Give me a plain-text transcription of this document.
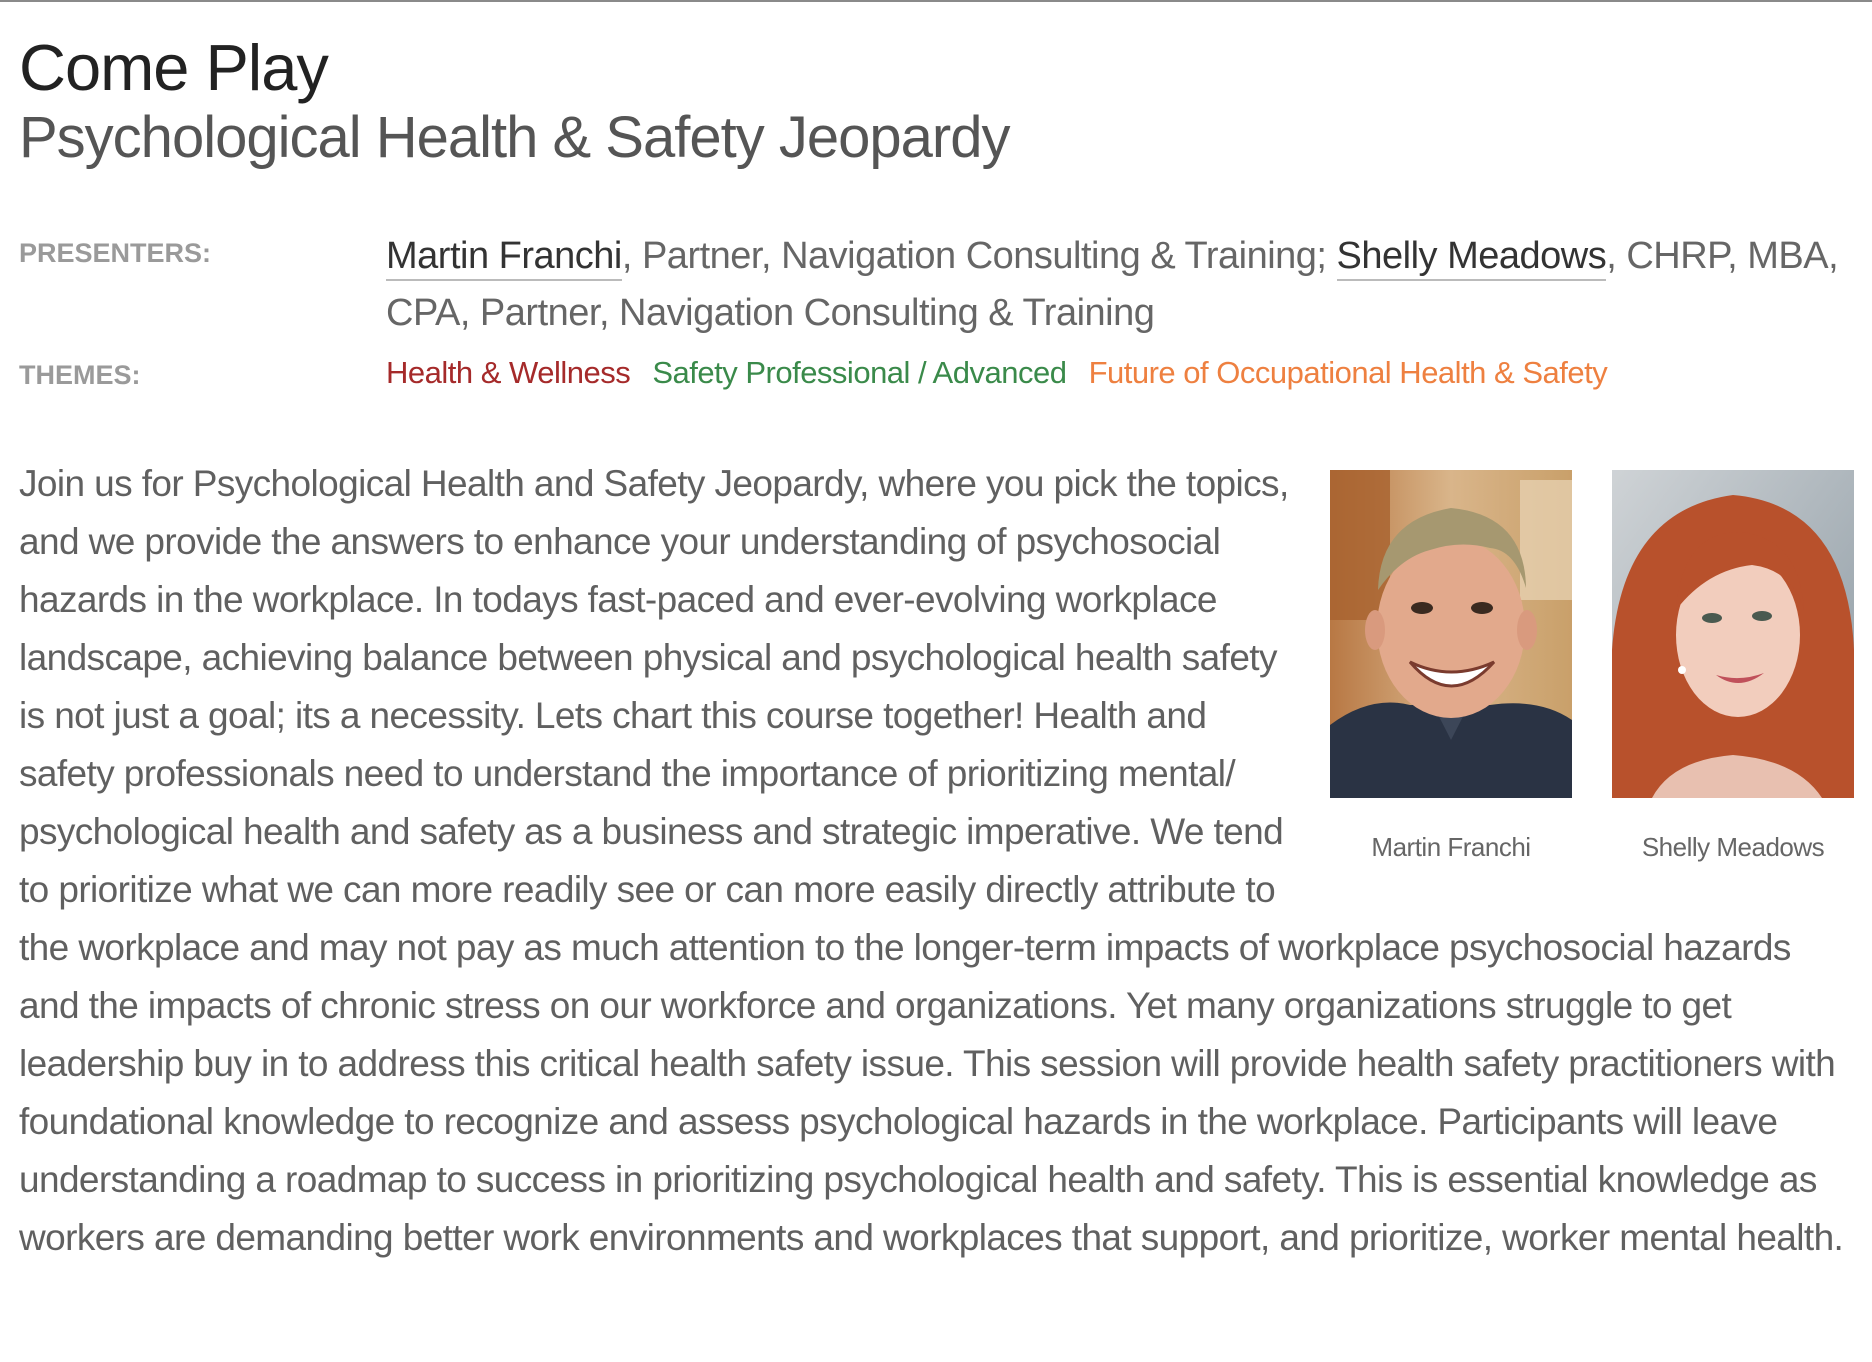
Come Play
Psychological Health & Safety Jeopardy
PRESENTERS:	Martin Franchi, Partner, Navigation Consulting & Training; Shelly Meadows, CHRP, MBA, CPA, Partner, Navigation Consulting & Training
THEMES:	Health & Wellness Safety Professional / Advanced Future of Occupational Health & Safety
Martin Franchi	Shelly Meadows
Join us for Psychological Health and Safety Jeopardy, where you pick the topics, and we provide the answers to enhance your understanding of psychosocial hazards in the workplace. In todays fast-paced and ever-evolving workplace landscape, achieving balance between physical and psychological health safety is not just a goal; its a necessity. Lets chart this course together! Health and safety professionals need to understand the importance of prioritizing mental/ psychological health and safety as a business and strategic imperative. We tend to prioritize what we can more readily see or can more easily directly attribute to the workplace and may not pay as much attention to the longer-term impacts of workplace psychosocial hazards and the impacts of chronic stress on our workforce and organizations. Yet many organizations struggle to get leadership buy in to address this critical health safety issue. This session will provide health safety practitioners with foundational knowledge to recognize and assess psychological hazards in the workplace. Participants will leave understanding a roadmap to success in prioritizing psychological health and safety. This is essential knowledge as workers are demanding better work environments and workplaces that support, and prioritize, worker mental health.
